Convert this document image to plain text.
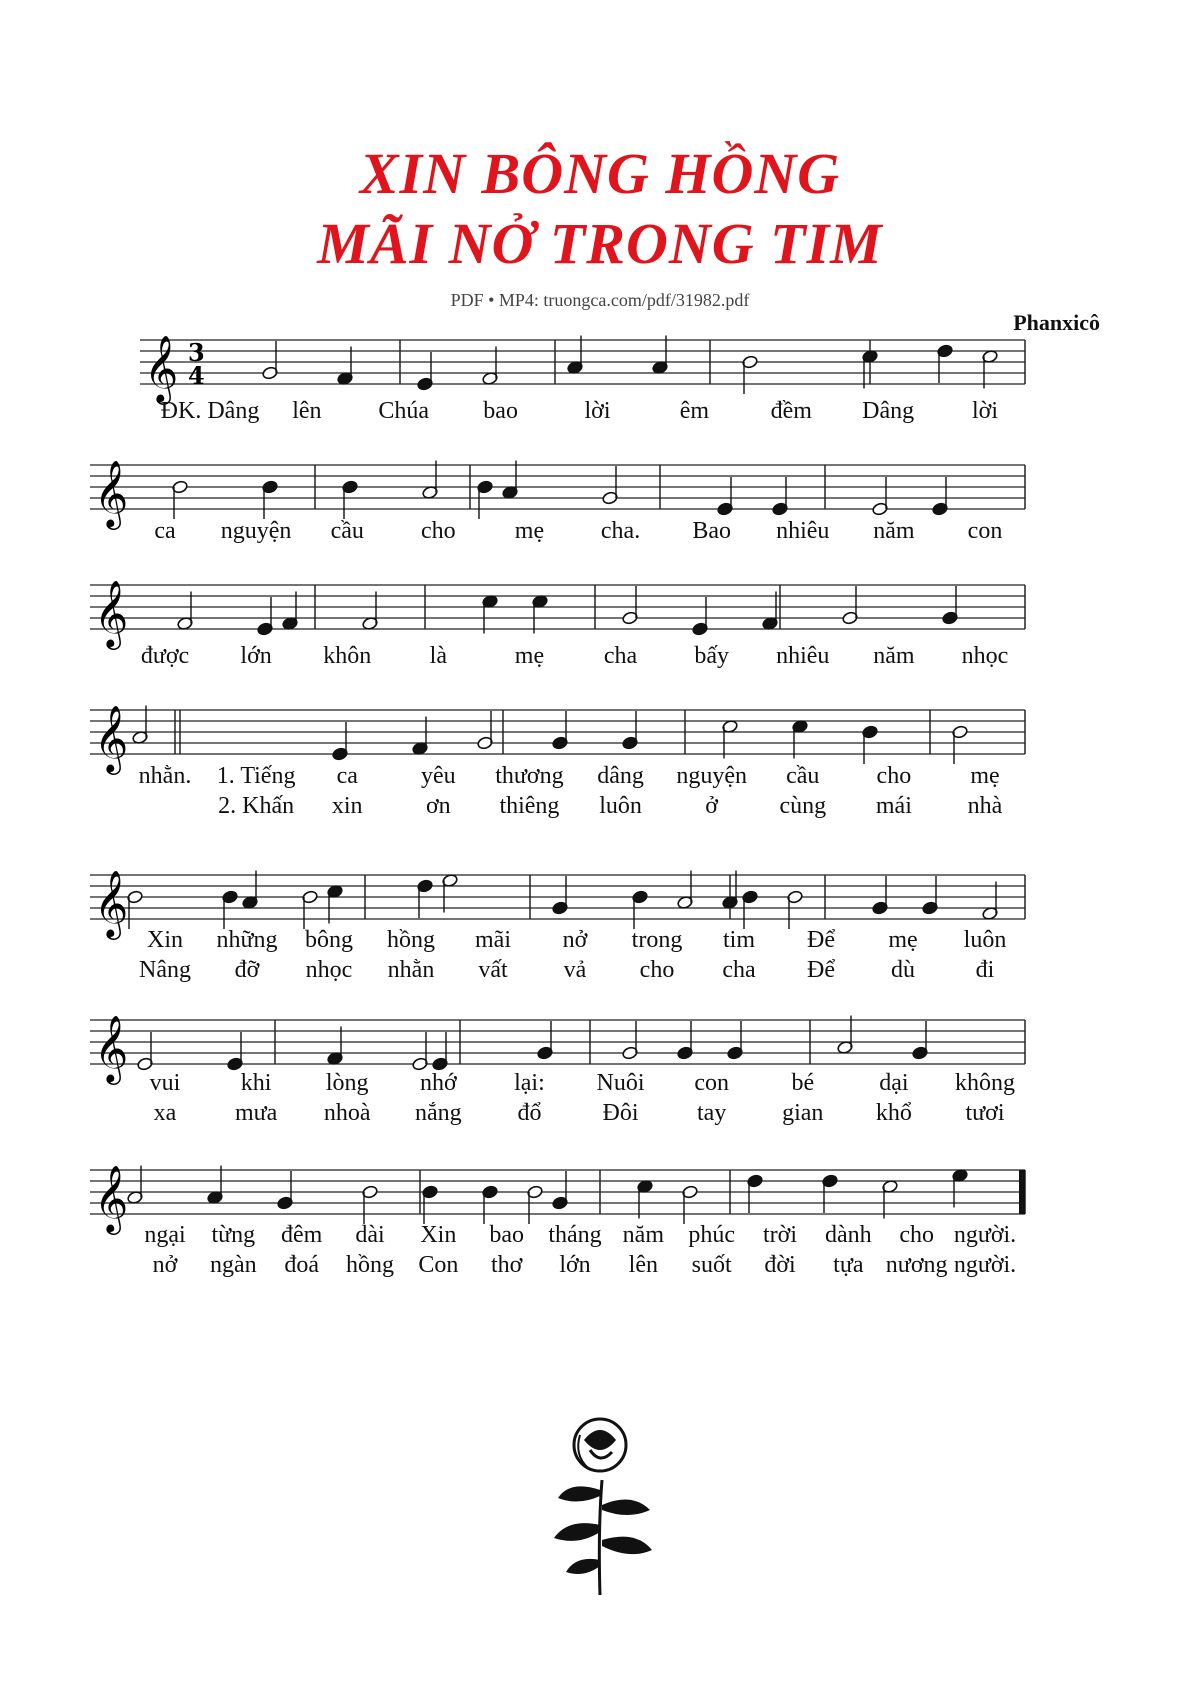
XIN BÔNG HỒNG
MÃI NỞ TRONG TIM
PDF • MP4: truongca.com/pdf/31982.pdf
Phanxicô
𝄞 3
4
ĐK. Dâng lên Chúa bao	lời	êm	đềm Dâng lời
𝄞
ca nguyện cầu cho mẹ cha. Bao nhiêu năm con
𝄞
được lớn khôn là	mẹ cha bấy nhiêu năm nhọc
𝄞
nhằn. 1. Tiếng ca	yêu thương dâng nguyện cầu cho mẹ
2. Khấn xin	ơn thiêng luôn	ở	cùng mái nhà
𝄞
Xin những bông hồng mãi nở trong tim Để mẹ luôn
Nâng đỡ nhọc nhằn vất vả cho cha Để dù	đi
𝄞
vui	khi lòng nhớ lại: Nuôi con	bé	dại không
xa mưa nhoà nắng đổ	Đôi tay gian khổ tươi
𝄞
ngại từng đêm dài Xin bao tháng năm phúc trời dành cho người.
nở ngàn đoá hồng Con thơ lớn lên suốt đời tựa nương người.
